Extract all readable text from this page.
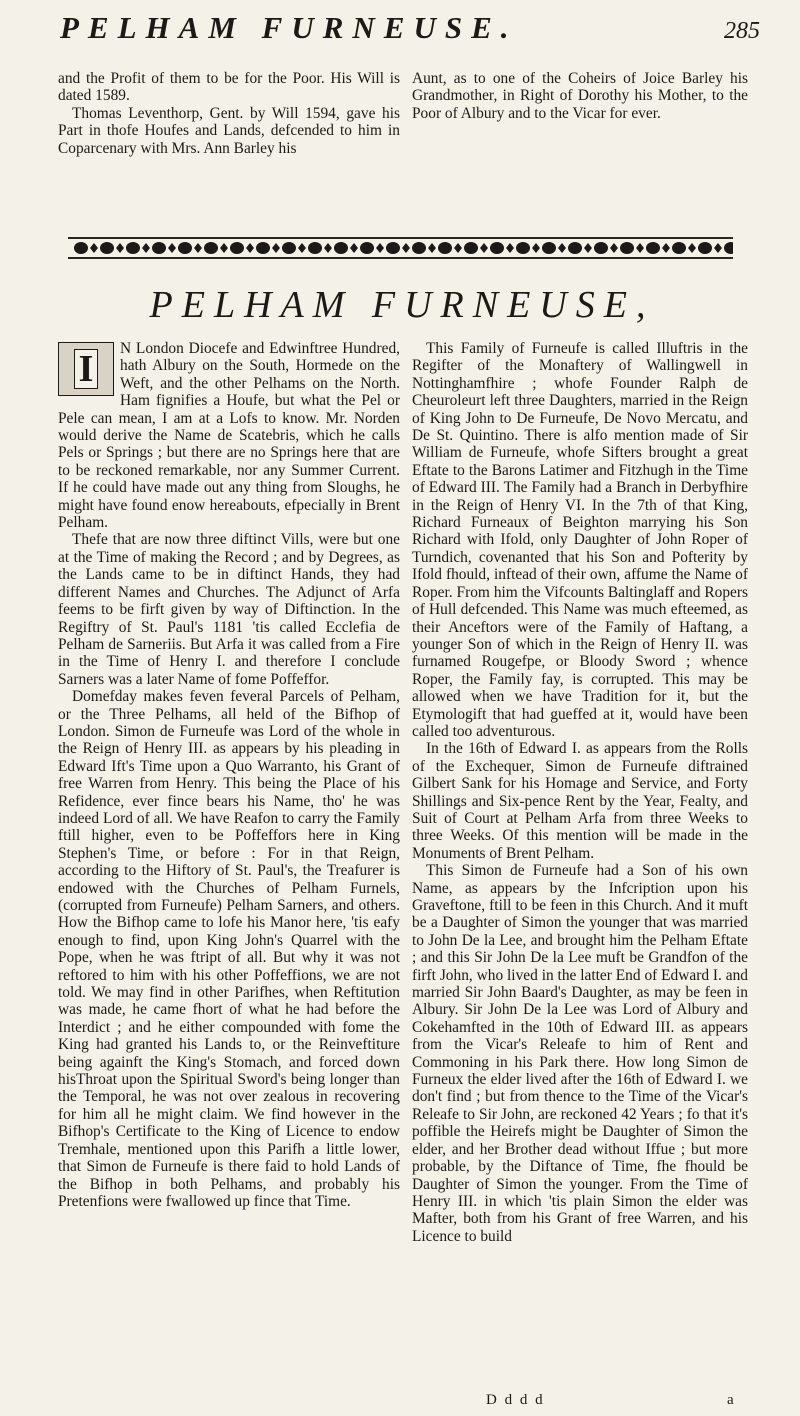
PELHAM FURNEUSE.	285

and the Profit of them to be for the Poor. His Will is dated 1589.

Thomas Leventhorp, Gent. by Will 1594, gave his Part in thofe Houfes and Lands, defcended to him in Coparcenary with Mrs. Ann Barley his

Aunt, as to one of the Coheirs of Joice Barley his Grandmother, in Right of Dorothy his Mother, to the Poor of Albury and to the Vicar for ever.

PELHAM FURNEUSE,
I	N London Diocefe and Edwinftree Hundred, hath Albury on the South, Hormede on the Weft, and the other Pelhams on the North. Ham fignifies a Houfe, but what the Pel or Pele can mean, I am at a Lofs to know. Mr. Norden would derive the Name de Scatebris, which he calls Pels or Springs ; but there are no Springs here that are to be reckoned remarkable, nor any Summer Current. If he could have made out any thing from Sloughs, he might have found enow hereabouts, efpecially in Brent Pelham.

Thefe that are now three diftinct Vills, were but one at the Time of making the Record ; and by Degrees, as the Lands came to be in diftinct Hands, they had different Names and Churches. The Adjunct of Arfa feems to be firft given by way of Diftinction. In the Regiftry of St. Paul's 1181 'tis called Ecclefia de Pelham de Sarneriis. But Arfa it was called from a Fire in the Time of Henry I. and therefore I conclude Sarners was a later Name of fome Poffeffor.

Domefday makes feven feveral Parcels of Pelham, or the Three Pelhams, all held of the Bifhop of London. Simon de Furneufe was Lord of the whole in the Reign of Henry III. as appears by his pleading in Edward Ift's Time upon a Quo Warranto, his Grant of free Warren from Henry. This being the Place of his Refidence, ever fince bears his Name, tho' he was indeed Lord of all. We have Reafon to carry the Family ftill higher, even to be Poffeffors here in King Stephen's Time, or before : For in that Reign, according to the Hiftory of St. Paul's, the Treafurer is endowed with the Churches of Pelham Furnels, (corrupted from Furneufe) Pelham Sarners, and others. How the Bifhop came to lofe his Manor here, 'tis eafy enough to find, upon King John's Quarrel with the Pope, when he was ftript of all. But why it was not reftored to him with his other Poffeffions, we are not told. We may find in other Parifhes, when Reftitution was made, he came fhort of what he had before the Interdict ; and he either compounded with fome the King had granted his Lands to, or the Reinveftiture being againft the King's Stomach, and forced down hisThroat upon the Spiritual Sword's being longer than the Temporal, he was not over zealous in recovering for him all he might claim. We find however in the Bifhop's Certificate to the King of Licence to endow Tremhale, mentioned upon this Parifh a little lower, that Simon de Furneufe is there faid to hold Lands of the Bifhop in both Pelhams, and probably his Pretenfions were fwallowed up fince that Time.

This Family of Furneufe is called Illuftris in the Regifter of the Monaftery of Wallingwell in Nottinghamfhire ; whofe Founder Ralph de Cheuroleurt left three Daughters, married in the Reign of King John to De Furneufe, De Novo Mercatu, and De St. Quintino. There is alfo mention made of Sir William de Furneufe, whofe Sifters brought a great Eftate to the Barons Latimer and Fitzhugh in the Time of Edward III. The Family had a Branch in Derbyfhire in the Reign of Henry VI. In the 7th of that King, Richard Furneaux of Beighton marrying his Son Richard with Ifold, only Daughter of John Roper of Turndich, covenanted that his Son and Pofterity by Ifold fhould, inftead of their own, affume the Name of Roper. From him the Vifcounts Baltinglaff and Ropers of Hull defcended. This Name was much efteemed, as their Anceftors were of the Family of Haftang, a younger Son of which in the Reign of Henry II. was furnamed Rougefpe, or Bloody Sword ; whence Roper, the Family fay, is corrupted. This may be allowed when we have Tradition for it, but the Etymologift that had gueffed at it, would have been called too adventurous.

In the 16th of Edward I. as appears from the Rolls of the Exchequer, Simon de Furneufe diftrained Gilbert Sank for his Homage and Service, and Forty Shillings and Six-pence Rent by the Year, Fealty, and Suit of Court at Pelham Arfa from three Weeks to three Weeks. Of this mention will be made in the Monuments of Brent Pelham.

This Simon de Furneufe had a Son of his own Name, as appears by the Infcription upon his Graveftone, ftill to be feen in this Church. And it muft be a Daughter of Simon the younger that was married to John De la Lee, and brought him the Pelham Eftate ; and this Sir John De la Lee muft be Grandfon of the firft John, who lived in the latter End of Edward I. and married Sir John Baard's Daughter, as may be feen in Albury. Sir John De la Lee was Lord of Albury and Cokehamfted in the 10th of Edward III. as appears from the Vicar's Releafe to him of Rent and Commoning in his Park there. How long Simon de Furneux the elder lived after the 16th of Edward I. we don't find ; but from thence to the Time of the Vicar's Releafe to Sir John, are reckoned 42 Years ; fo that it's poffible the Heirefs might be Daughter of Simon the elder, and her Brother dead without Iffue ; but more probable, by the Diftance of Time, fhe fhould be Daughter of Simon the younger. From the Time of Henry III. in which 'tis plain Simon the elder was Mafter, both from his Grant of free Warren, and his Licence to build

D d d d	a
